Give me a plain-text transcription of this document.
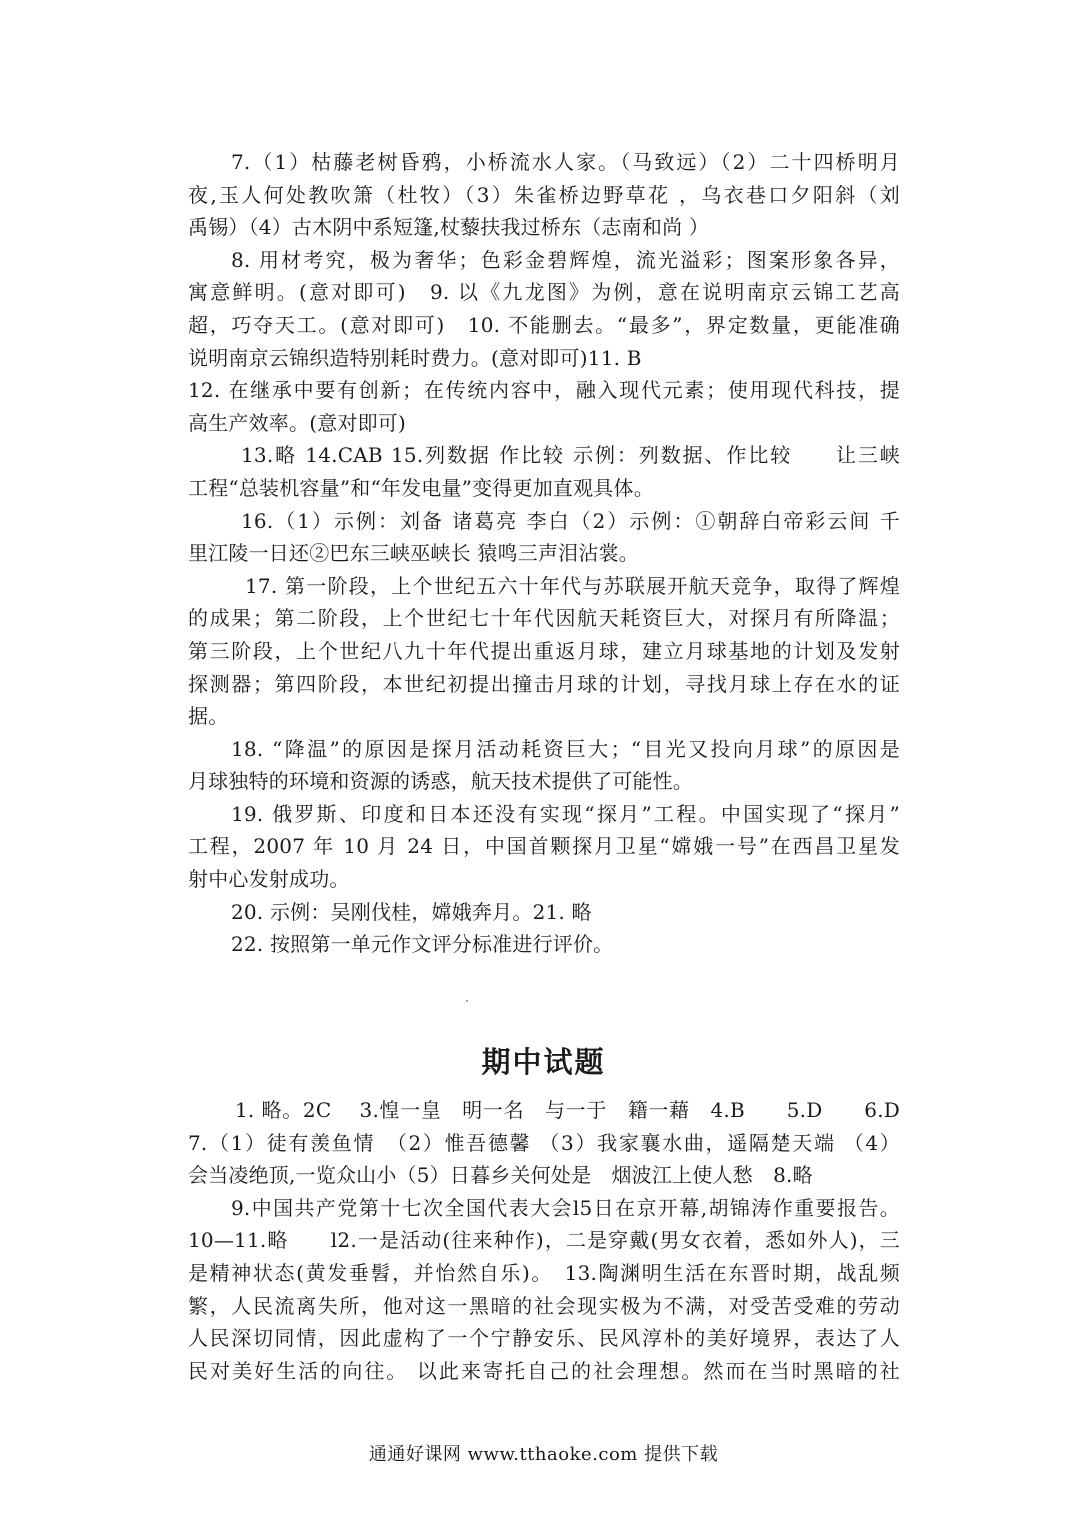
7.（1）枯藤老树昏鸦，小桥流水人家。（马致远）（2）二十四桥明月
夜,玉人何处教吹箫（杜牧）（3）朱雀桥边野草花 ，乌衣巷口夕阳斜（刘
禹锡）（4）古木阴中系短篷,杖藜扶我过桥东（志南和尚 ）
8. 用材考究，极为奢华；色彩金碧辉煌，流光溢彩；图案形象各异，
寓意鲜明。(意对即可)　9. 以《九龙图》为例，意在说明南京云锦工艺高
超，巧夺天工。(意对即可)　10. 不能删去。“最多”，界定数量，更能准确
说明南京云锦织造特别耗时费力。(意对即可)11. B
12. 在继承中要有创新；在传统内容中，融入现代元素；使用现代科技，提
高生产效率。(意对即可)
13.略 14.CAB 15.列数据 作比较 示例：列数据、作比较　　让三峡
工程“总装机容量”和“年发电量”变得更加直观具体。
16.（1）示例：刘备 诸葛亮 李白（2）示例：①朝辞白帝彩云间 千
里江陵一日还②巴东三峡巫峡长 猿鸣三声泪沾裳。
17. 第一阶段，上个世纪五六十年代与苏联展开航天竞争，取得了辉煌
的成果；第二阶段，上个世纪七十年代因航天耗资巨大，对探月有所降温；
第三阶段，上个世纪八九十年代提出重返月球，建立月球基地的计划及发射
探测器；第四阶段，本世纪初提出撞击月球的计划，寻找月球上存在水的证
据。
18. “降温”的原因是探月活动耗资巨大；“目光又投向月球”的原因是
月球独特的环境和资源的诱惑，航天技术提供了可能性。
19. 俄罗斯、印度和日本还没有实现“探月”工程。中国实现了“探月”
工程，2007 年 10 月 24 日，中国首颗探月卫星“嫦娥一号”在西昌卫星发
射中心发射成功。
20. 示例：吴刚伐桂，嫦娥奔月。21. 略
22. 按照第一单元作文评分标准进行评价。
期中试题
1. 略。2C　 3.惶一皇　明一名　与一于　籍一藉　4.B　　5.D　　6.D
7.（1）徒有羡鱼情　（2）惟吾德馨 （3）我家襄水曲，遥隔楚天端 （4）
会当凌绝顶,一览众山小（5）日暮乡关何处是　烟波江上使人愁　8.略
9.中国共产党第十七次全国代表大会l5日在京开幕,胡锦涛作重要报告。
10—11.略　　l2.一是活动(往来种作)，二是穿戴(男女衣着，悉如外人)，三
是精神状态(黄发垂髫，并怡然自乐)。　13.陶渊明生活在东晋时期，战乱频
繁，人民流离失所，他对这一黑暗的社会现实极为不满，对受苦受难的劳动
人民深切同情，因此虚构了一个宁静安乐、民风淳朴的美好境界，表达了人
民对美好生活的向往。 以此来寄托自己的社会理想。然而在当时黑暗的社
通通好课网 www.tthaoke.com 提供下载
